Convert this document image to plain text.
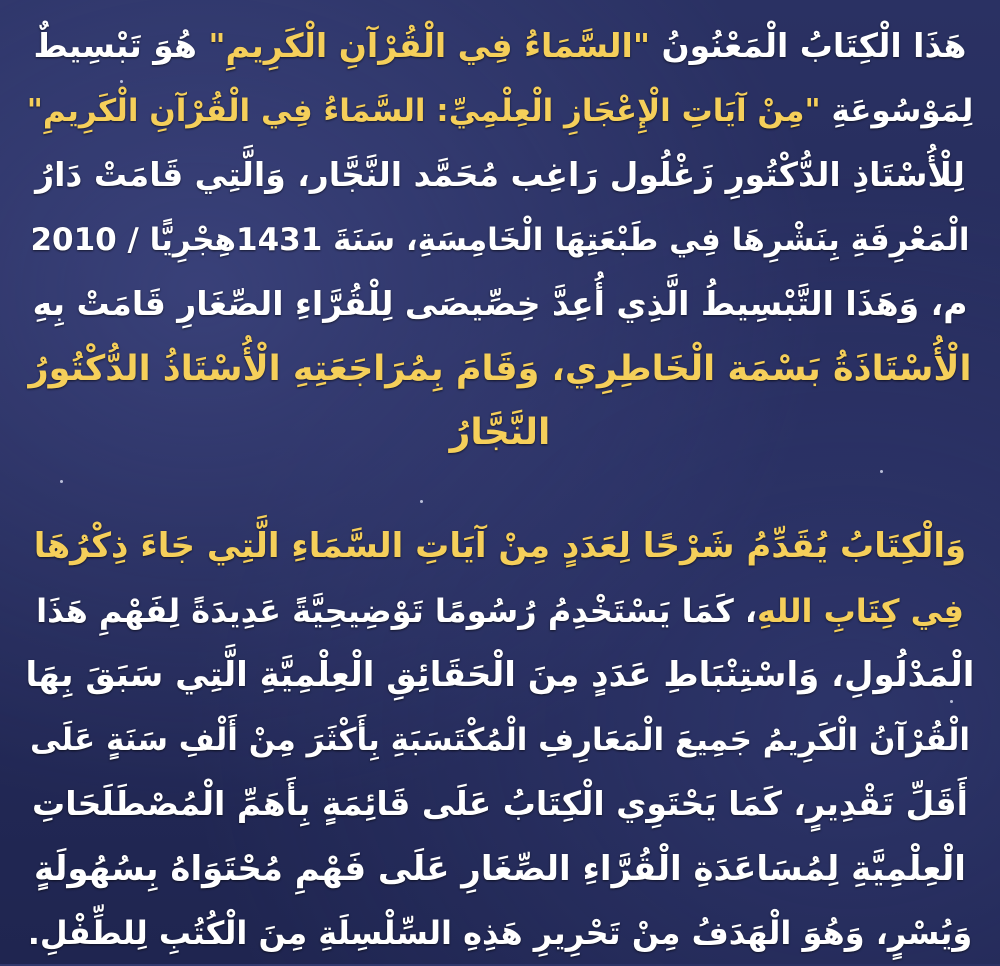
هَذَا الْكِتَابُ الْمَعْنُونُ "السَّمَاءُ فِي الْقُرْآنِ الْكَرِيمِ" هُوَ تَبْسِيطٌ
لِمَوْسُوعَةِ "مِنْ آيَاتِ الْإِعْجَازِ الْعِلْمِيِّ: السَّمَاءُ فِي الْقُرْآنِ الْكَرِيمِ"
لِلْأُسْتَاذِ الدُّكْتُورِ زَغْلُول رَاغِب مُحَمَّد النَّجَّار، وَالَّتِي قَامَتْ دَارُ
الْمَعْرِفَةِ بِنَشْرِهَا فِي طَبْعَتِهَا الْخَامِسَةِ، سَنَةَ 1431هِجْرِيًّا / 2010
م، وَهَذَا التَّبْسِيطُ الَّذِي أُعِدَّ خِصِّيصَى لِلْقُرَّاءِ الصِّغَارِ قَامَتْ بِهِ
الْأُسْتَاذَةُ بَسْمَة الْخَاطِرِي، وَقَامَ بِمُرَاجَعَتِهِ الْأُسْتَاذُ الدُّكْتُورُ
النَّجَّارُ
وَالْكِتَابُ يُقَدِّمُ شَرْحًا لِعَدَدٍ مِنْ آيَاتِ السَّمَاءِ الَّتِي جَاءَ ذِكْرُهَا
فِي كِتَابِ اللهِ، كَمَا يَسْتَخْدِمُ رُسُومًا تَوْضِيحِيَّةً عَدِيدَةً لِفَهْمِ هَذَا
الْمَدْلُولِ، وَاسْتِنْبَاطِ عَدَدٍ مِنَ الْحَقَائِقِ الْعِلْمِيَّةِ الَّتِي سَبَقَ بِهَا
الْقُرْآنُ الْكَرِيمُ جَمِيعَ الْمَعَارِفِ الْمُكْتَسَبَةِ بِأَكْثَرَ مِنْ أَلْفِ سَنَةٍ عَلَى
أَقَلِّ تَقْدِيرٍ، كَمَا يَحْتَوِي الْكِتَابُ عَلَى قَائِمَةٍ بِأَهَمِّ الْمُصْطَلَحَاتِ
الْعِلْمِيَّةِ لِمُسَاعَدَةِ الْقُرَّاءِ الصِّغَارِ عَلَى فَهْمِ مُحْتَوَاهُ بِسُهُولَةٍ
وَيُسْرٍ، وَهُوَ الْهَدَفُ مِنْ تَحْرِيرِ هَذِهِ السِّلْسِلَةِ مِنَ الْكُتُبِ لِلطِّفْلِ.
